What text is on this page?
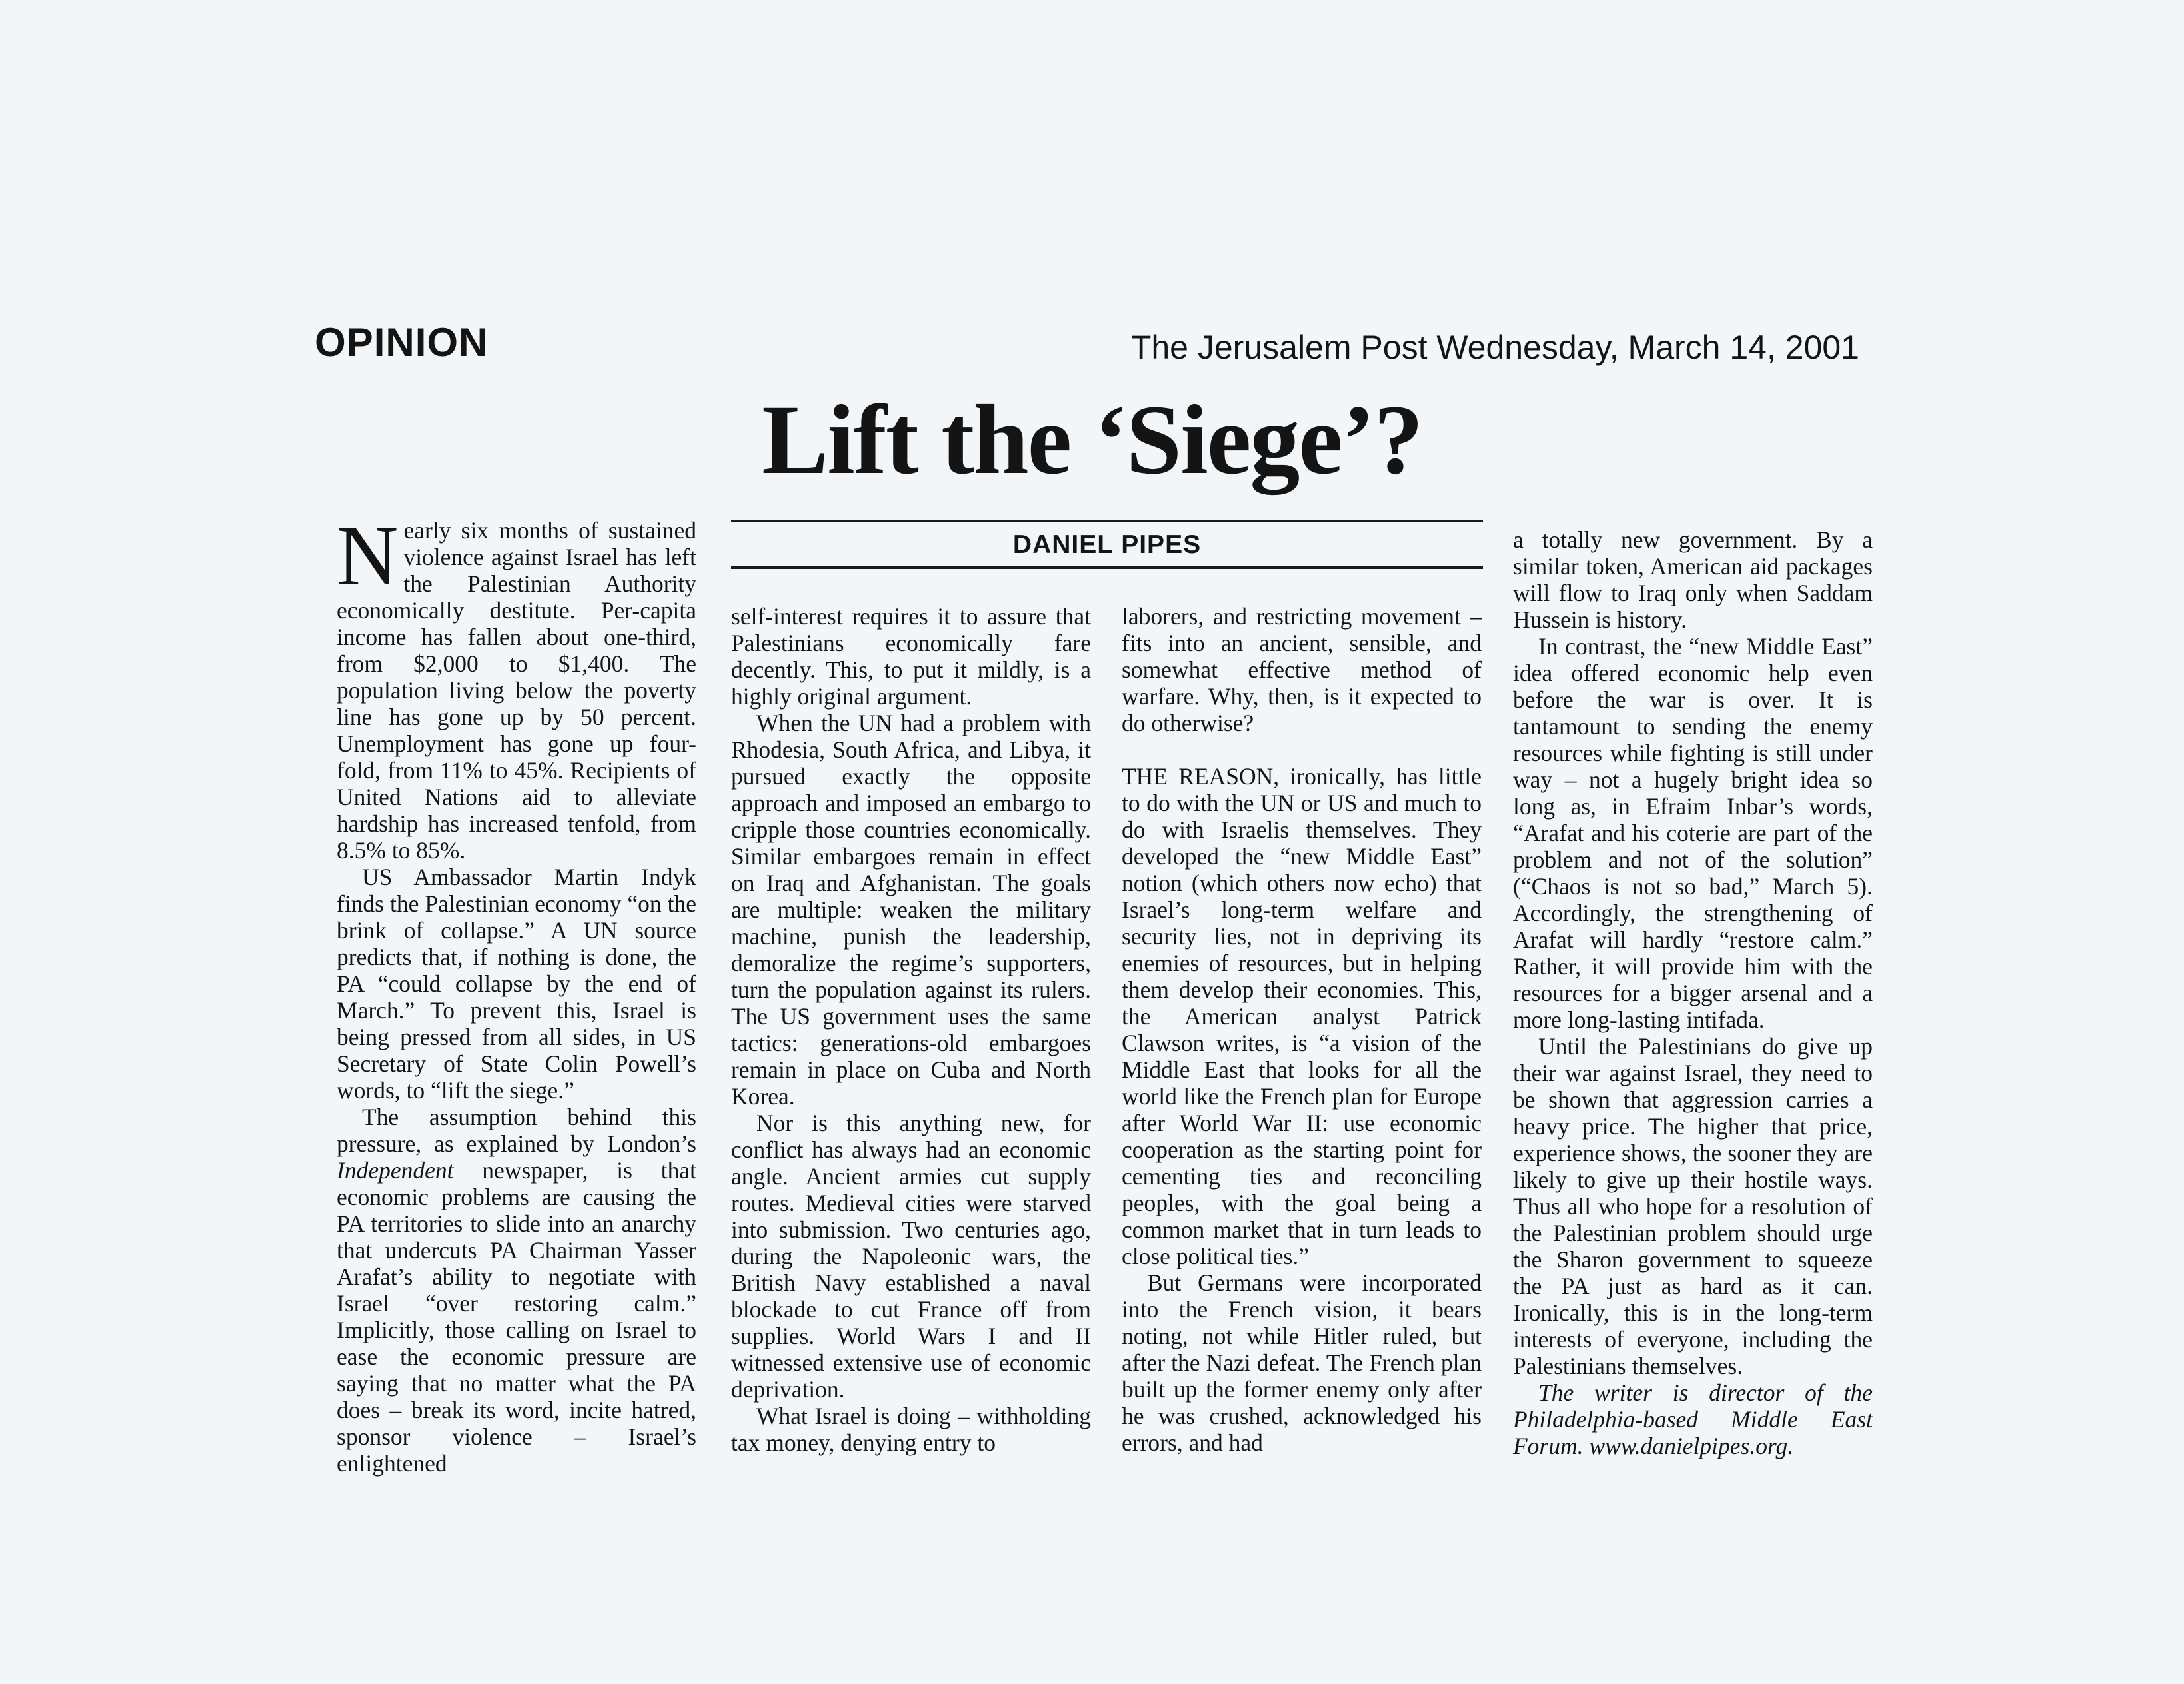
OPINION	The Jerusalem Post Wednesday, March 14, 2001
Lift the ‘Siege’?
DANIEL PIPES

Nearly six months of sustained violence against Israel has left the Palestinian Authority economically destitute. Per-capita income has fallen about one-third, from $2,000 to $1,400. The population living below the poverty line has gone up by 50 percent. Unemployment has gone up four-fold, from 11% to 45%. Recipients of United Nations aid to alleviate hardship has increased tenfold, from 8.5% to 85%.

US Ambassador Martin Indyk finds the Palestinian economy “on the brink of collapse.” A UN source predicts that, if nothing is done, the PA “could collapse by the end of March.” To prevent this, Israel is being pressed from all sides, in US Secretary of State Colin Powell’s words, to “lift the siege.”

The assumption behind this pressure, as explained by London’s Independent newspaper, is that economic problems are causing the PA territories to slide into an anarchy that undercuts PA Chairman Yasser Arafat’s ability to negotiate with Israel “over restoring calm.” Implicitly, those calling on Israel to ease the economic pressure are saying that no matter what the PA does – break its word, incite hatred, sponsor violence – Israel’s enlightened

self-interest requires it to assure that Palestinians economically fare decently. This, to put it mildly, is a highly original argument.

When the UN had a problem with Rhodesia, South Africa, and Libya, it pursued exactly the opposite approach and imposed an embargo to cripple those countries economically. Similar embargoes remain in effect on Iraq and Afghanistan. The goals are multiple: weaken the military machine, punish the leadership, demoralize the regime’s supporters, turn the population against its rulers. The US government uses the same tactics: generations-old embargoes remain in place on Cuba and North Korea.

Nor is this anything new, for conflict has always had an economic angle. Ancient armies cut supply routes. Medieval cities were starved into submission. Two centuries ago, during the Napoleonic wars, the British Navy established a naval blockade to cut France off from supplies. World Wars I and II witnessed extensive use of economic deprivation.

What Israel is doing – withholding tax money, denying entry to

laborers, and restricting movement – fits into an ancient, sensible, and somewhat effective method of warfare. Why, then, is it expected to do otherwise?

THE REASON, ironically, has little to do with the UN or US and much to do with Israelis themselves. They developed the “new Middle East” notion (which others now echo) that Israel’s long-term welfare and security lies, not in depriving its enemies of resources, but in helping them develop their economies. This, the American analyst Patrick Clawson writes, is “a vision of the Middle East that looks for all the world like the French plan for Europe after World War II: use economic cooperation as the starting point for cementing ties and reconciling peoples, with the goal being a common market that in turn leads to close political ties.”

But Germans were incorporated into the French vision, it bears noting, not while Hitler ruled, but after the Nazi defeat. The French plan built up the former enemy only after he was crushed, acknowledged his errors, and had

a totally new government. By a similar token, American aid packages will flow to Iraq only when Saddam Hussein is history.

In contrast, the “new Middle East” idea offered economic help even before the war is over. It is tantamount to sending the enemy resources while fighting is still under way – not a hugely bright idea so long as, in Efraim Inbar’s words, “Arafat and his coterie are part of the problem and not of the solution” (“Chaos is not so bad,” March 5). Accordingly, the strengthening of Arafat will hardly “restore calm.” Rather, it will provide him with the resources for a bigger arsenal and a more long-lasting intifada.

Until the Palestinians do give up their war against Israel, they need to be shown that aggression carries a heavy price. The higher that price, experience shows, the sooner they are likely to give up their hostile ways. Thus all who hope for a resolution of the Palestinian problem should urge the Sharon government to squeeze the PA just as hard as it can. Ironically, this is in the long-term interests of everyone, including the Palestinians themselves.

The writer is director of the Philadelphia-based Middle East Forum. www.danielpipes.org.
